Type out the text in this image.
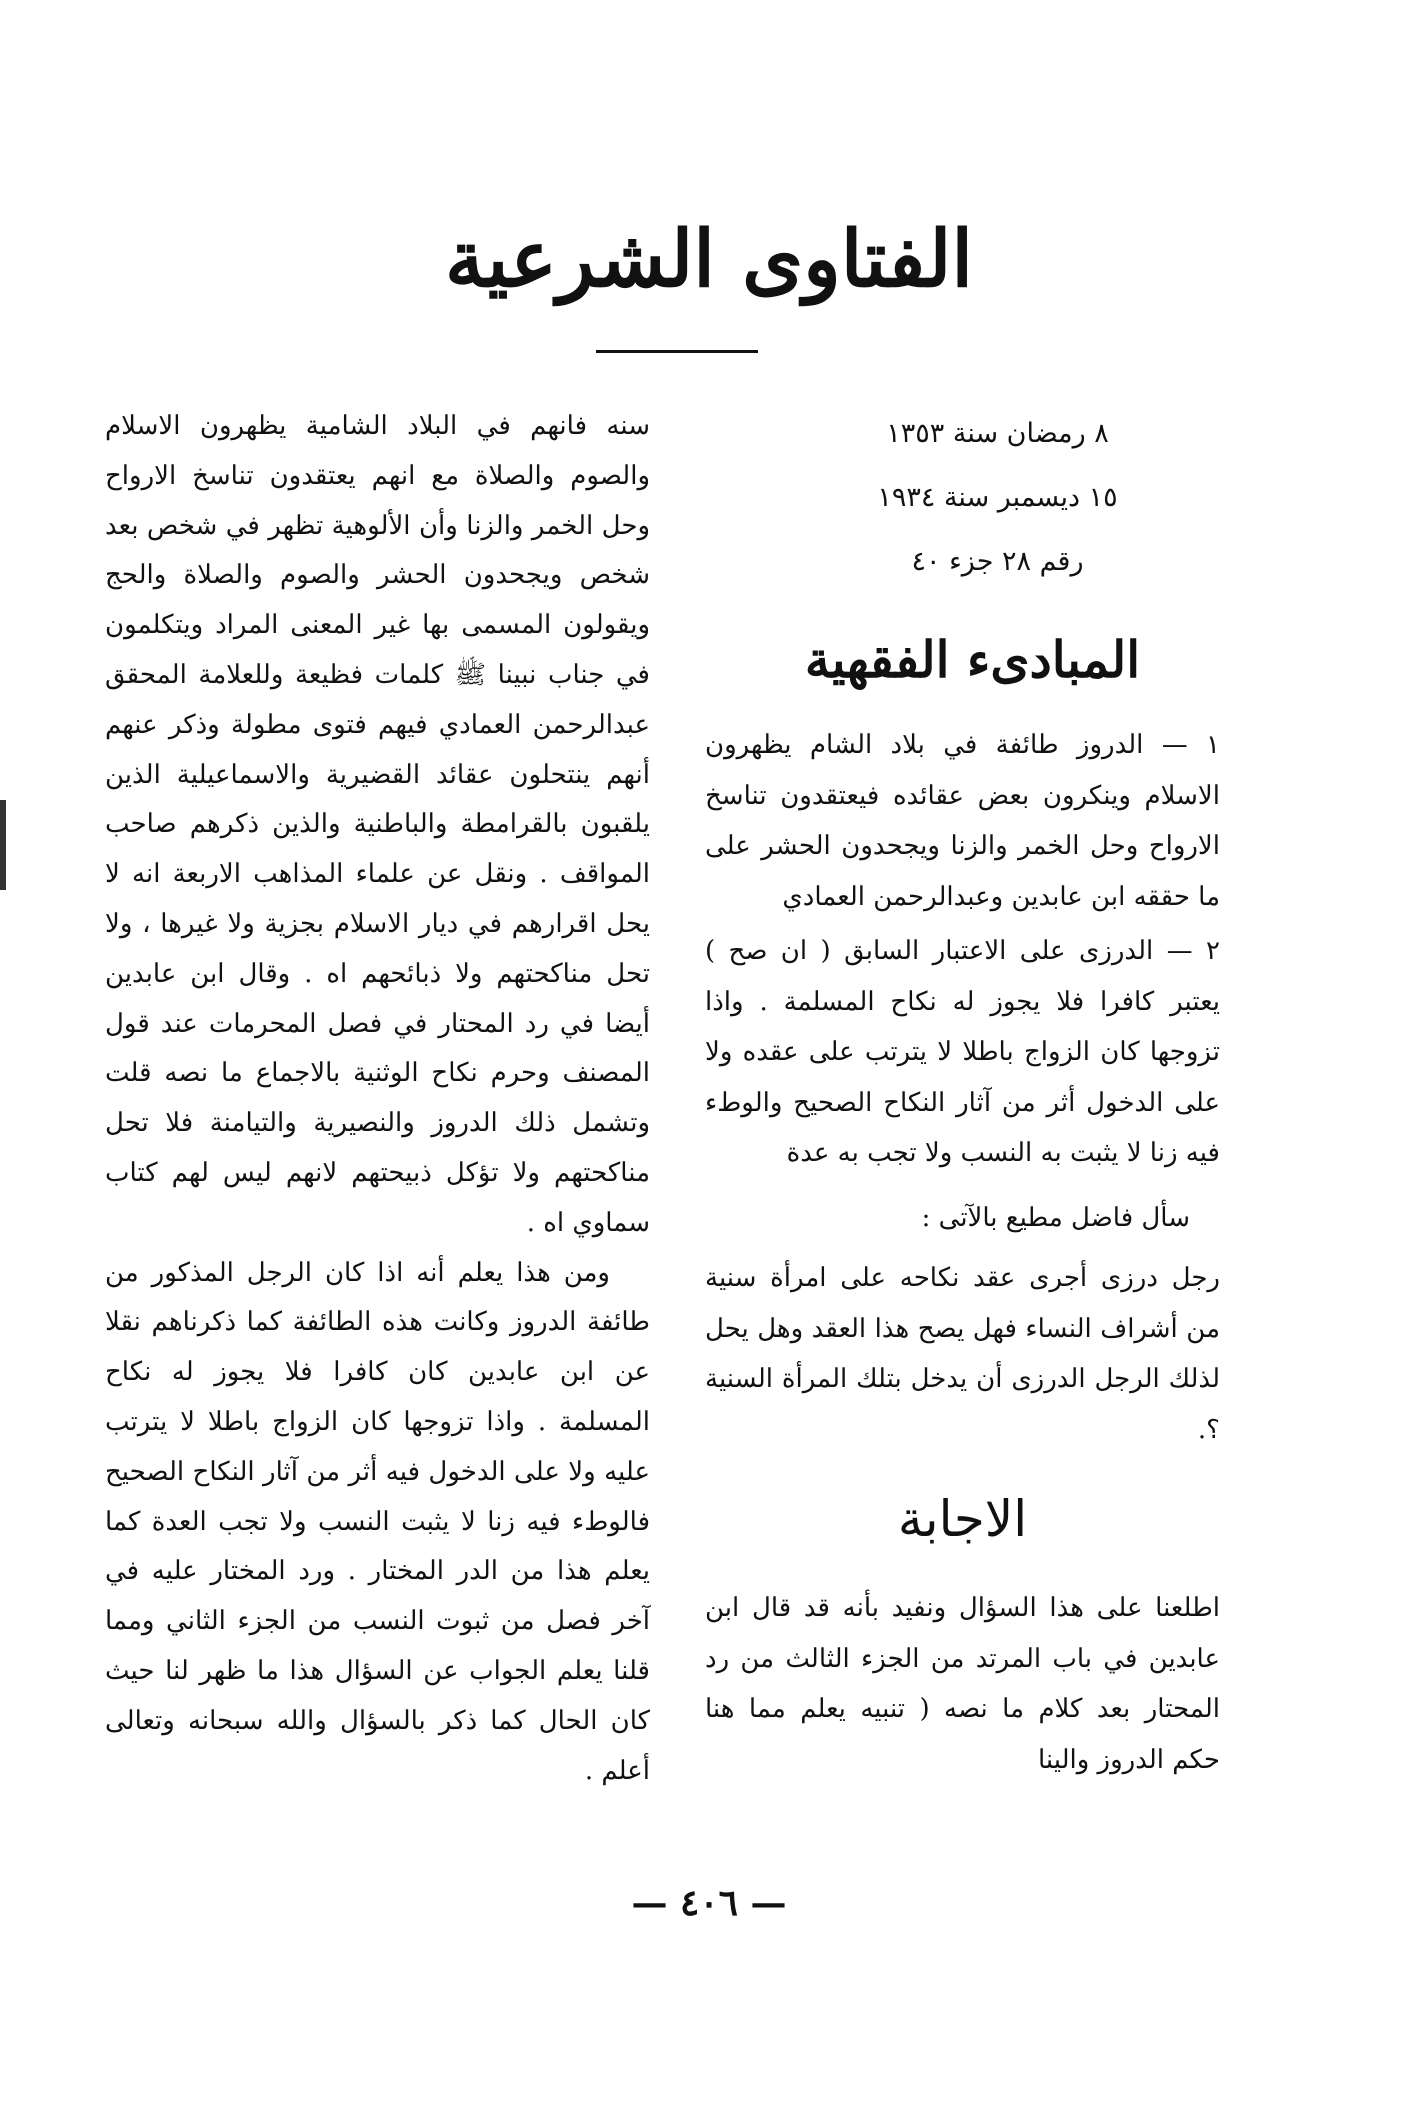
الفتاوى الشرعية

٨ رمضان سنة ١٣٥٣

١٥ ديسمبر سنة ١٩٣٤

رقم ٢٨ جزء ٤٠

المبادىء الفقهية

١ — الدروز طائفة في بلاد الشام يظهرون الاسلام وينكرون بعض عقائده فيعتقدون تناسخ الارواح وحل الخمر والزنا ويجحدون الحشر على ما حققه ابن عابدين وعبدالرحمن العمادي

٢ — الدرزى على الاعتبار السابق ( ان صح ) يعتبر كافرا فلا يجوز له نكاح المسلمة . واذا تزوجها كان الزواج باطلا لا يترتب على عقده ولا على الدخول أثر من آثار النكاح الصحيح والوطء فيه زنا لا يثبت به النسب ولا تجب به عدة

سأل فاضل مطيع بالآتى :

رجل درزى أجرى عقد نكاحه على امرأة سنية من أشراف النساء فهل يصح هذا العقد وهل يحل لذلك الرجل الدرزى أن يدخل بتلك المرأة السنية ؟.

الاجابة

اطلعنا على هذا السؤال ونفيد بأنه قد قال ابن عابدين في باب المرتد من الجزء الثالث من رد المحتار بعد كلام ما نصه ( تنبيه يعلم مما هنا حكم الدروز والينا

سنه فانهم في البلاد الشامية يظهرون الاسلام والصوم والصلاة مع انهم يعتقدون تناسخ الارواح وحل الخمر والزنا وأن الألوهية تظهر في شخص بعد شخص ويجحدون الحشر والصوم والصلاة والحج ويقولون المسمى بها غير المعنى المراد ويتكلمون في جناب نبينا ﷺ كلمات فظيعة وللعلامة المحقق عبدالرحمن العمادي فيهم فتوى مطولة وذكر عنهم أنهم ينتحلون عقائد القضيرية والاسماعيلية الذين يلقبون بالقرامطة والباطنية والذين ذكرهم صاحب المواقف . ونقل عن علماء المذاهب الاربعة انه لا يحل اقرارهم في ديار الاسلام بجزية ولا غيرها ، ولا تحل مناكحتهم ولا ذبائحهم اه . وقال ابن عابدين أيضا في رد المحتار في فصل المحرمات عند قول المصنف وحرم نكاح الوثنية بالاجماع ما نصه قلت وتشمل ذلك الدروز والنصيرية والتيامنة فلا تحل مناكحتهم ولا تؤكل ذبيحتهم لانهم ليس لهم كتاب سماوي اه .

ومن هذا يعلم أنه اذا كان الرجل المذكور من طائفة الدروز وكانت هذه الطائفة كما ذكرناهم نقلا عن ابن عابدين كان كافرا فلا يجوز له نكاح المسلمة . واذا تزوجها كان الزواج باطلا لا يترتب عليه ولا على الدخول فيه أثر من آثار النكاح الصحيح فالوطء فيه زنا لا يثبت النسب ولا تجب العدة كما يعلم هذا من الدر المختار . ورد المختار عليه في آخر فصل من ثبوت النسب من الجزء الثاني ومما قلنا يعلم الجواب عن السؤال هذا ما ظهر لنا حيث كان الحال كما ذكر بالسؤال والله سبحانه وتعالى أعلم .

— ٤٠٦ —
